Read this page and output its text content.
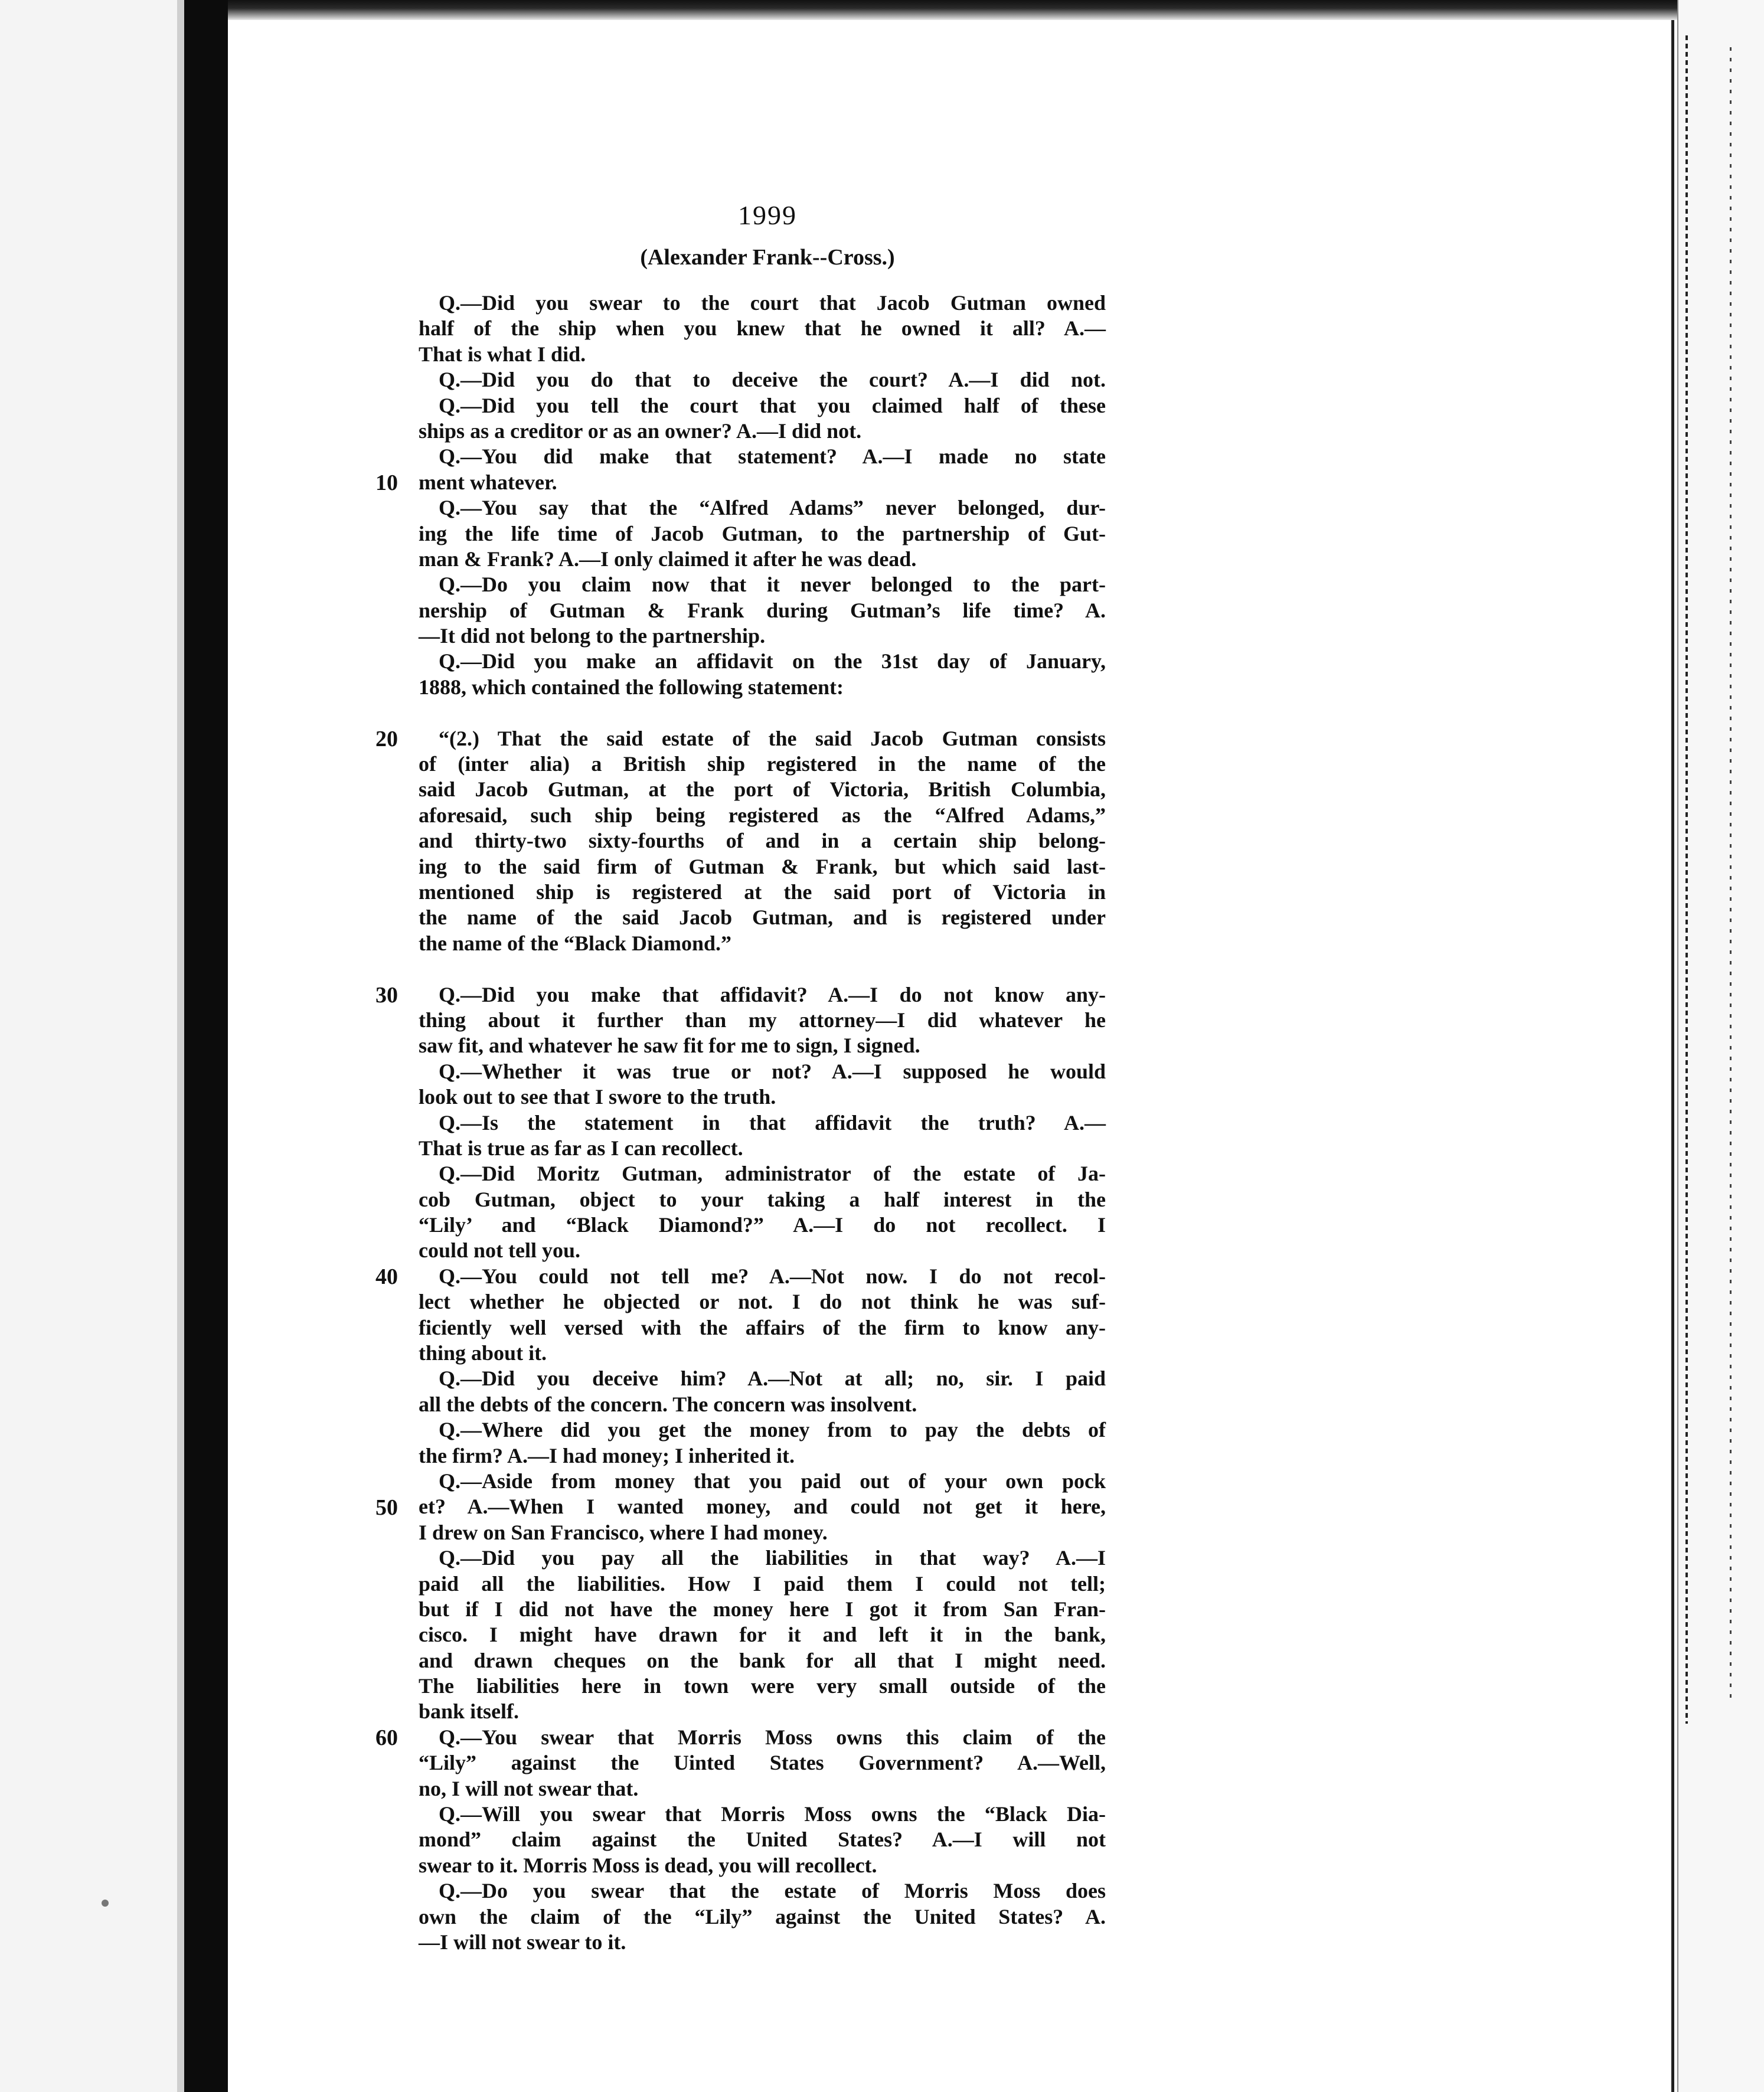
1999
(Alexander Frank--Cross.)
Q.—Did you swear to the court that Jacob Gutman owned
half of the ship when you knew that he owned it all? A.—
That is what I did.
Q.—Did you do that to deceive the court? A.—I did not.
Q.—Did you tell the court that you claimed half of these
ships as a creditor or as an owner? A.—I did not.
Q.—You did make that statement? A.—I made no state
ment whatever.
Q.—You say that the “Alfred Adams” never belonged, dur-
ing the life time of Jacob Gutman, to the partnership of Gut-
man & Frank? A.—I only claimed it after he was dead.
Q.—Do you claim now that it never belonged to the part-
nership of Gutman & Frank during Gutman’s life time? A.
—It did not belong to the partnership.
Q.—Did you make an affidavit on the 31st day of January,
1888, which contained the following statement:
“(2.) That the said estate of the said Jacob Gutman consists
of (inter alia) a British ship registered in the name of the
said Jacob Gutman, at the port of Victoria, British Columbia,
aforesaid, such ship being registered as the “Alfred Adams,”
and thirty-two sixty-fourths of and in a certain ship belong-
ing to the said firm of Gutman & Frank, but which said last-
mentioned ship is registered at the said port of Victoria in
the name of the said Jacob Gutman, and is registered under
the name of the “Black Diamond.”
Q.—Did you make that affidavit? A.—I do not know any-
thing about it further than my attorney—I did whatever he
saw fit, and whatever he saw fit for me to sign, I signed.
Q.—Whether it was true or not? A.—I supposed he would
look out to see that I swore to the truth.
Q.—Is the statement in that affidavit the truth? A.—
That is true as far as I can recollect.
Q.—Did Moritz Gutman, administrator of the estate of Ja-
cob Gutman, object to your taking a half interest in the
“Lily’ and “Black Diamond?” A.—I do not recollect. I
could not tell you.
Q.—You could not tell me? A.—Not now. I do not recol-
lect whether he objected or not. I do not think he was suf-
ficiently well versed with the affairs of the firm to know any-
thing about it.
Q.—Did you deceive him? A.—Not at all; no, sir. I paid
all the debts of the concern. The concern was insolvent.
Q.—Where did you get the money from to pay the debts of
the firm? A.—I had money; I inherited it.
Q.—Aside from money that you paid out of your own pock
et? A.—When I wanted money, and could not get it here,
I drew on San Francisco, where I had money.
Q.—Did you pay all the liabilities in that way? A.—I
paid all the liabilities. How I paid them I could not tell;
but if I did not have the money here I got it from San Fran-
cisco. I might have drawn for it and left it in the bank,
and drawn cheques on the bank for all that I might need.
The liabilities here in town were very small outside of the
bank itself.
Q.—You swear that Morris Moss owns this claim of the
“Lily” against the Uinted States Government? A.—Well,
no, I will not swear that.
Q.—Will you swear that Morris Moss owns the “Black Dia-
mond” claim against the United States? A.—I will not
swear to it. Morris Moss is dead, you will recollect.
Q.—Do you swear that the estate of Morris Moss does
own the claim of the “Lily” against the United States? A.
—I will not swear to it.
10
20
30
40
50
60
